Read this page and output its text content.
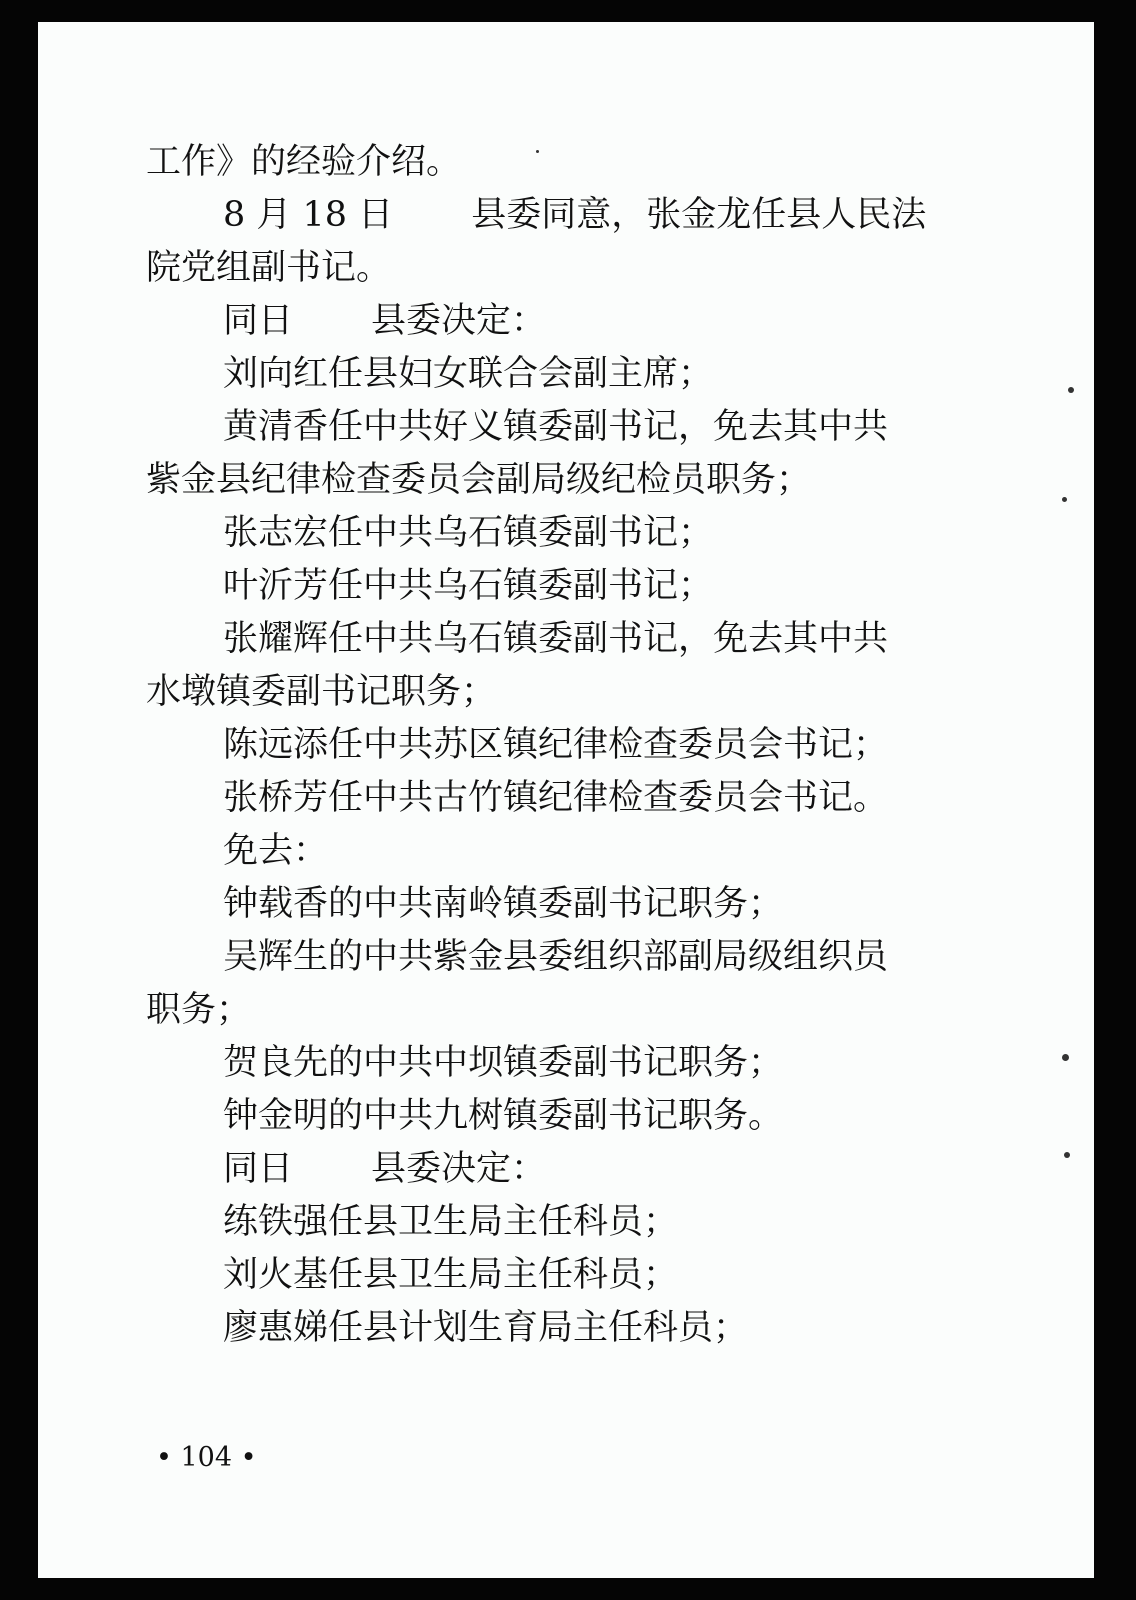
工作》的经验介绍。
8 月 18 日 县委同意，张金龙任县人民法
院党组副书记。
同日 县委决定：
刘向红任县妇女联合会副主席；
黄清香任中共好义镇委副书记，免去其中共
紫金县纪律检查委员会副局级纪检员职务；
张志宏任中共乌石镇委副书记；
叶沂芳任中共乌石镇委副书记；
张耀辉任中共乌石镇委副书记，免去其中共
水墩镇委副书记职务；
陈远添任中共苏区镇纪律检查委员会书记；
张桥芳任中共古竹镇纪律检查委员会书记。
免去：
钟载香的中共南岭镇委副书记职务；
吴辉生的中共紫金县委组织部副局级组织员
职务；
贺良先的中共中坝镇委副书记职务；
钟金明的中共九树镇委副书记职务。
同日 县委决定：
练铁强任县卫生局主任科员；
刘火基任县卫生局主任科员；
廖惠娣任县计划生育局主任科员；
• 104 •
